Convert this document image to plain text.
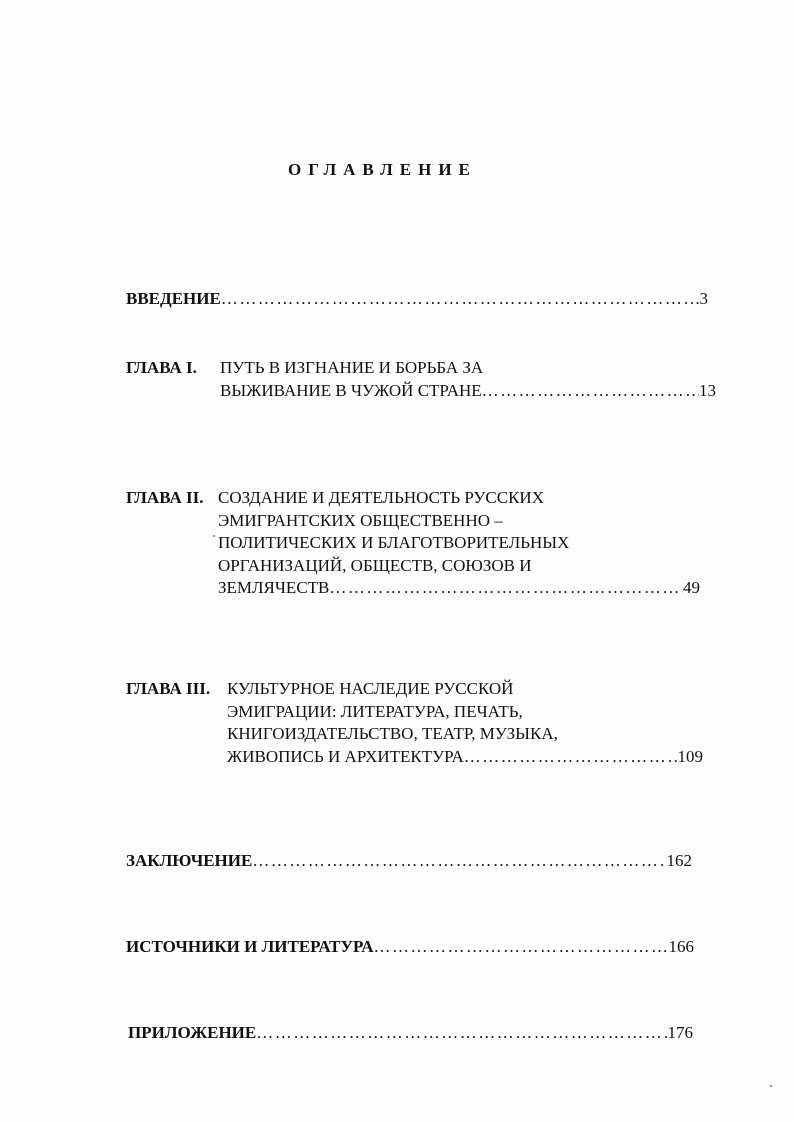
ОГЛАВЛЕНИЕ
ВВЕДЕНИЕ ……………………………………………………………………………………………………………………	3
ГЛАВА I. ПУТЬ В ИЗГНАНИЕ И БОРЬБА ЗА
ВЫЖИВАНИЕ В ЧУЖОЙ СТРАНЕ ……………………………………………………………………………………………………………………	13
ГЛАВА II. СОЗДАНИЕ И ДЕЯТЕЛЬНОСТЬ РУССКИХ
ЭМИГРАНТСКИХ ОБЩЕСТВЕННО –
ПОЛИТИЧЕСКИХ И БЛАГОТВОРИТЕЛЬНЫХ
ОРГАНИЗАЦИЙ, ОБЩЕСТВ, СОЮЗОВ И
ЗЕМЛЯЧЕСТВ ……………………………………………………………………………………………………………………	49
ГЛАВА III. КУЛЬТУРНОЕ НАСЛЕДИЕ РУССКОЙ
ЭМИГРАЦИИ: ЛИТЕРАТУРА, ПЕЧАТЬ,
КНИГОИЗДАТЕЛЬСТВО, ТЕАТР, МУЗЫКА,
ЖИВОПИСЬ И АРХИТЕКТУРА ……………………………………………………………………………………………………………………	109
ЗАКЛЮЧЕНИЕ ……………………………………………………………………………………………………………………	162
ИСТОЧНИКИ И ЛИТЕРАТУРА ……………………………………………………………………………………………………………………	166
ПРИЛОЖЕНИЕ ……………………………………………………………………………………………………………………	176
